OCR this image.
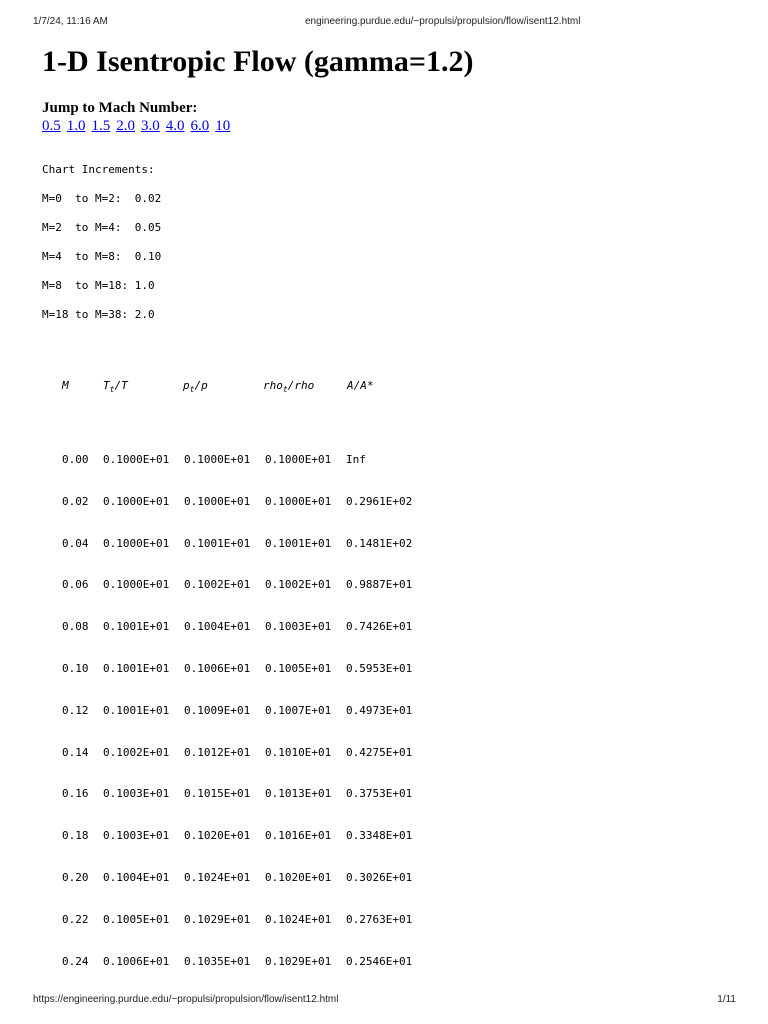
1/7/24, 11:16 AM	engineering.purdue.edu/~propulsi/propulsion/flow/isent12.html
1-D Isentropic Flow (gamma=1.2)
Jump to Mach Number:
0.5 1.0 1.5 2.0 3.0 4.0 6.0 10
Chart Increments:
M=0  to M=2:  0.02
M=2  to M=4:  0.05
M=4  to M=8:  0.10
M=8  to M=18: 1.0
M=18 to M=38: 2.0
M	$T_t/T$	$p_t/p$	rho$_t$/rho	A/A*
0.00 0.1000E+01 0.1000E+01 0.1000E+01 Inf
0.02 0.1000E+01 0.1000E+01 0.1000E+01 0.2961E+02
0.04 0.1000E+01 0.1001E+01 0.1001E+01 0.1481E+02
0.06 0.1000E+01 0.1002E+01 0.1002E+01 0.9887E+01
0.08 0.1001E+01 0.1004E+01 0.1003E+01 0.7426E+01
0.10 0.1001E+01 0.1006E+01 0.1005E+01 0.5953E+01
0.12 0.1001E+01 0.1009E+01 0.1007E+01 0.4973E+01
0.14 0.1002E+01 0.1012E+01 0.1010E+01 0.4275E+01
0.16 0.1003E+01 0.1015E+01 0.1013E+01 0.3753E+01
0.18 0.1003E+01 0.1020E+01 0.1016E+01 0.3348E+01
0.20 0.1004E+01 0.1024E+01 0.1020E+01 0.3026E+01
0.22 0.1005E+01 0.1029E+01 0.1024E+01 0.2763E+01
0.24 0.1006E+01 0.1035E+01 0.1029E+01 0.2546E+01
https://engineering.purdue.edu/~propulsi/propulsion/flow/isent12.html	1/11
